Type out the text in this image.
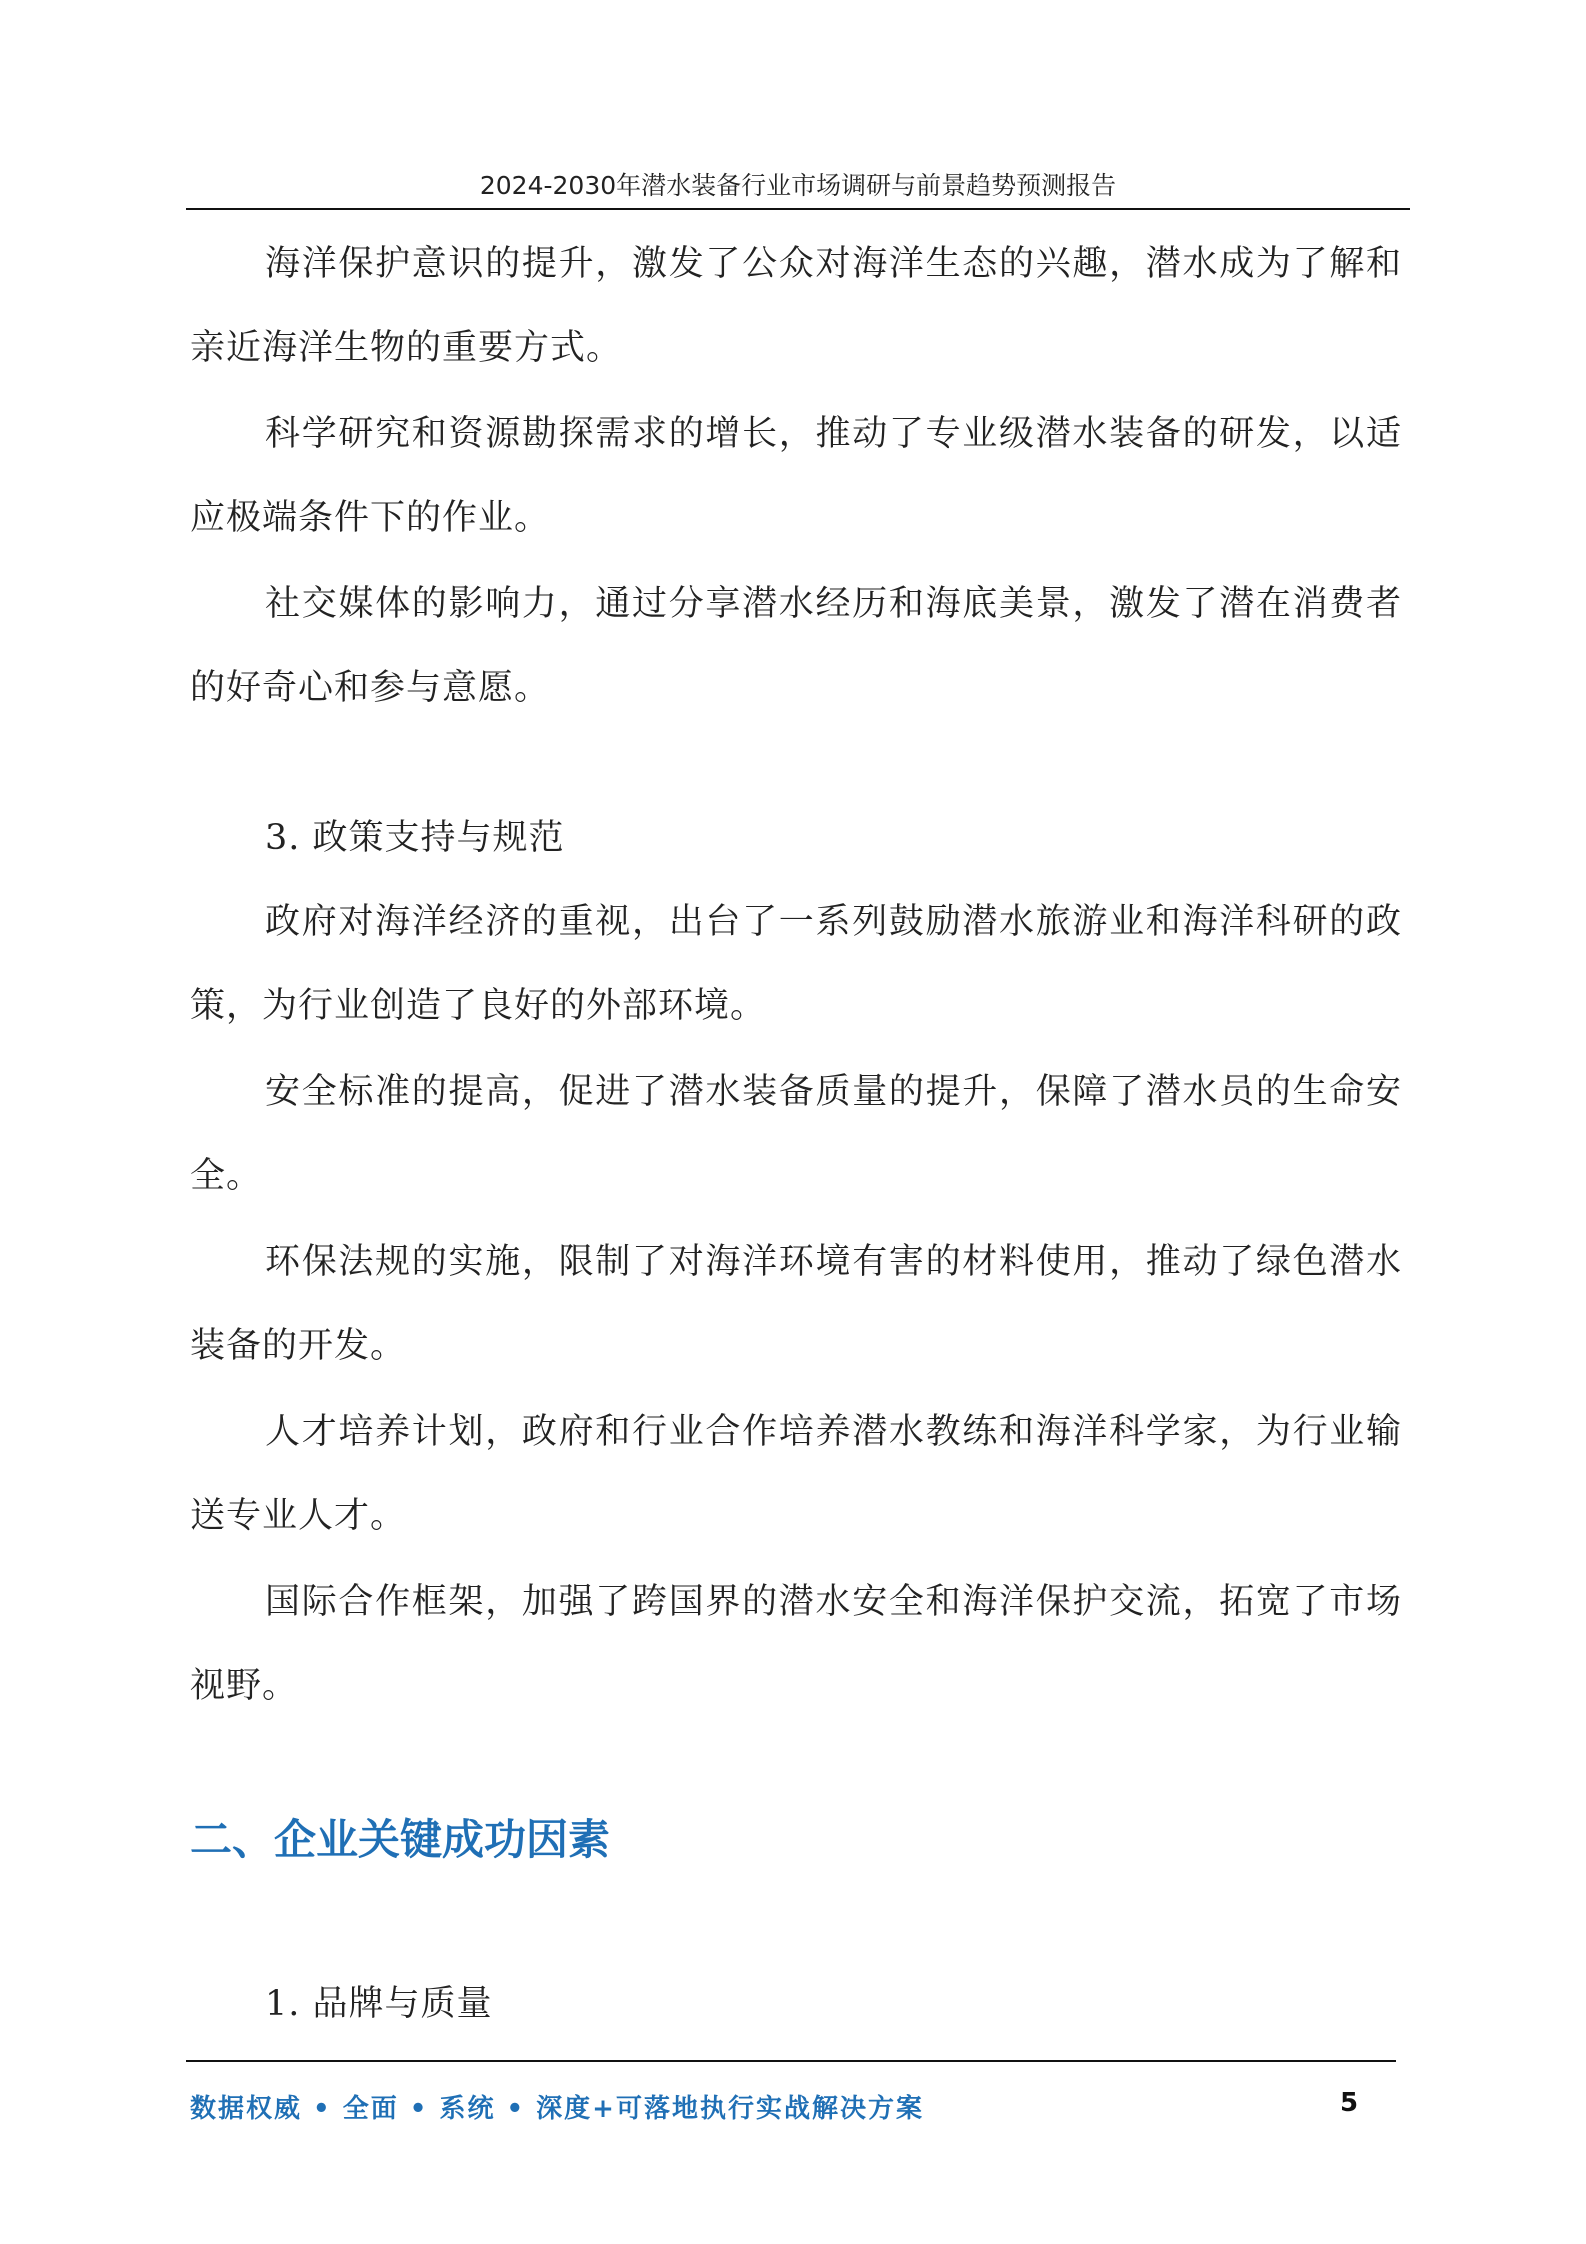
2024-2030年潜水装备行业市场调研与前景趋势预测报告

海洋保护意识的提升，激发了公众对海洋生态的兴趣，潜水成为了解和亲近海洋生物的重要方式。

科学研究和资源勘探需求的增长，推动了专业级潜水装备的研发，以适应极端条件下的作业。

社交媒体的影响力，通过分享潜水经历和海底美景，激发了潜在消费者的好奇心和参与意愿。

3. 政策支持与规范

政府对海洋经济的重视，出台了一系列鼓励潜水旅游业和海洋科研的政策，为行业创造了良好的外部环境。

安全标准的提高，促进了潜水装备质量的提升，保障了潜水员的生命安全。

环保法规的实施，限制了对海洋环境有害的材料使用，推动了绿色潜水装备的开发。

人才培养计划，政府和行业合作培养潜水教练和海洋科学家，为行业输送专业人才。

国际合作框架，加强了跨国界的潜水安全和海洋保护交流，拓宽了市场视野。

二、企业关键成功因素

1. 品牌与质量

数据权威 • 全面 • 系统 • 深度+可落地执行实战解决方案	5
